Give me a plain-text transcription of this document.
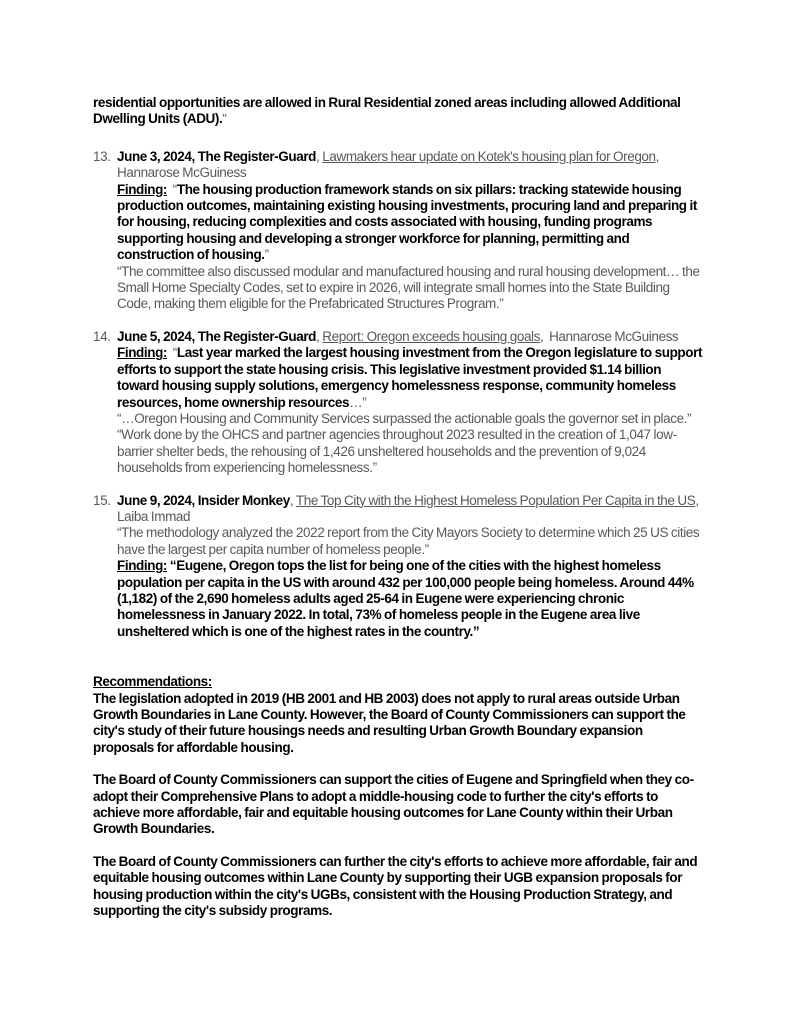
residential opportunities are allowed in Rural Residential zoned areas including allowed Additional Dwelling Units (ADU).“
13. June 3, 2024, The Register-Guard, Lawmakers hear update on Kotek's housing plan for Oregon, Hannarose McGuiness
Finding: “The housing production framework stands on six pillars: tracking statewide housing production outcomes, maintaining existing housing investments, procuring land and preparing it for housing, reducing complexities and costs associated with housing, funding programs supporting housing and developing a stronger workforce for planning, permitting and construction of housing.”
“The committee also discussed modular and manufactured housing and rural housing development… the Small Home Specialty Codes, set to expire in 2026, will integrate small homes into the State Building Code, making them eligible for the Prefabricated Structures Program.”
14. June 5, 2024, The Register-Guard, Report: Oregon exceeds housing goals, Hannarose McGuiness
Finding: “Last year marked the largest housing investment from the Oregon legislature to support efforts to support the state housing crisis. This legislative investment provided $1.14 billion toward housing supply solutions, emergency homelessness response, community homeless resources, home ownership resources…”
“…Oregon Housing and Community Services surpassed the actionable goals the governor set in place.”
“Work done by the OHCS and partner agencies throughout 2023 resulted in the creation of 1,047 low-barrier shelter beds, the rehousing of 1,426 unsheltered households and the prevention of 9,024 households from experiencing homelessness.”
15. June 9, 2024, Insider Monkey, The Top City with the Highest Homeless Population Per Capita in the US, Laiba Immad
“The methodology analyzed the 2022 report from the City Mayors Society to determine which 25 US cities have the largest per capita number of homeless people.”
Finding: “Eugene, Oregon tops the list for being one of the cities with the highest homeless population per capita in the US with around 432 per 100,000 people being homeless. Around 44% (1,182) of the 2,690 homeless adults aged 25-64 in Eugene were experiencing chronic homelessness in January 2022. In total, 73% of homeless people in the Eugene area live unsheltered which is one of the highest rates in the country.”
Recommendations:
The legislation adopted in 2019 (HB 2001 and HB 2003) does not apply to rural areas outside Urban Growth Boundaries in Lane County. However, the Board of County Commissioners can support the city's study of their future housings needs and resulting Urban Growth Boundary expansion proposals for affordable housing.
The Board of County Commissioners can support the cities of Eugene and Springfield when they co-adopt their Comprehensive Plans to adopt a middle-housing code to further the city's efforts to achieve more affordable, fair and equitable housing outcomes for Lane County within their Urban Growth Boundaries.
The Board of County Commissioners can further the city's efforts to achieve more affordable, fair and equitable housing outcomes within Lane County by supporting their UGB expansion proposals for housing production within the city's UGBs, consistent with the Housing Production Strategy, and supporting the city's subsidy programs.
